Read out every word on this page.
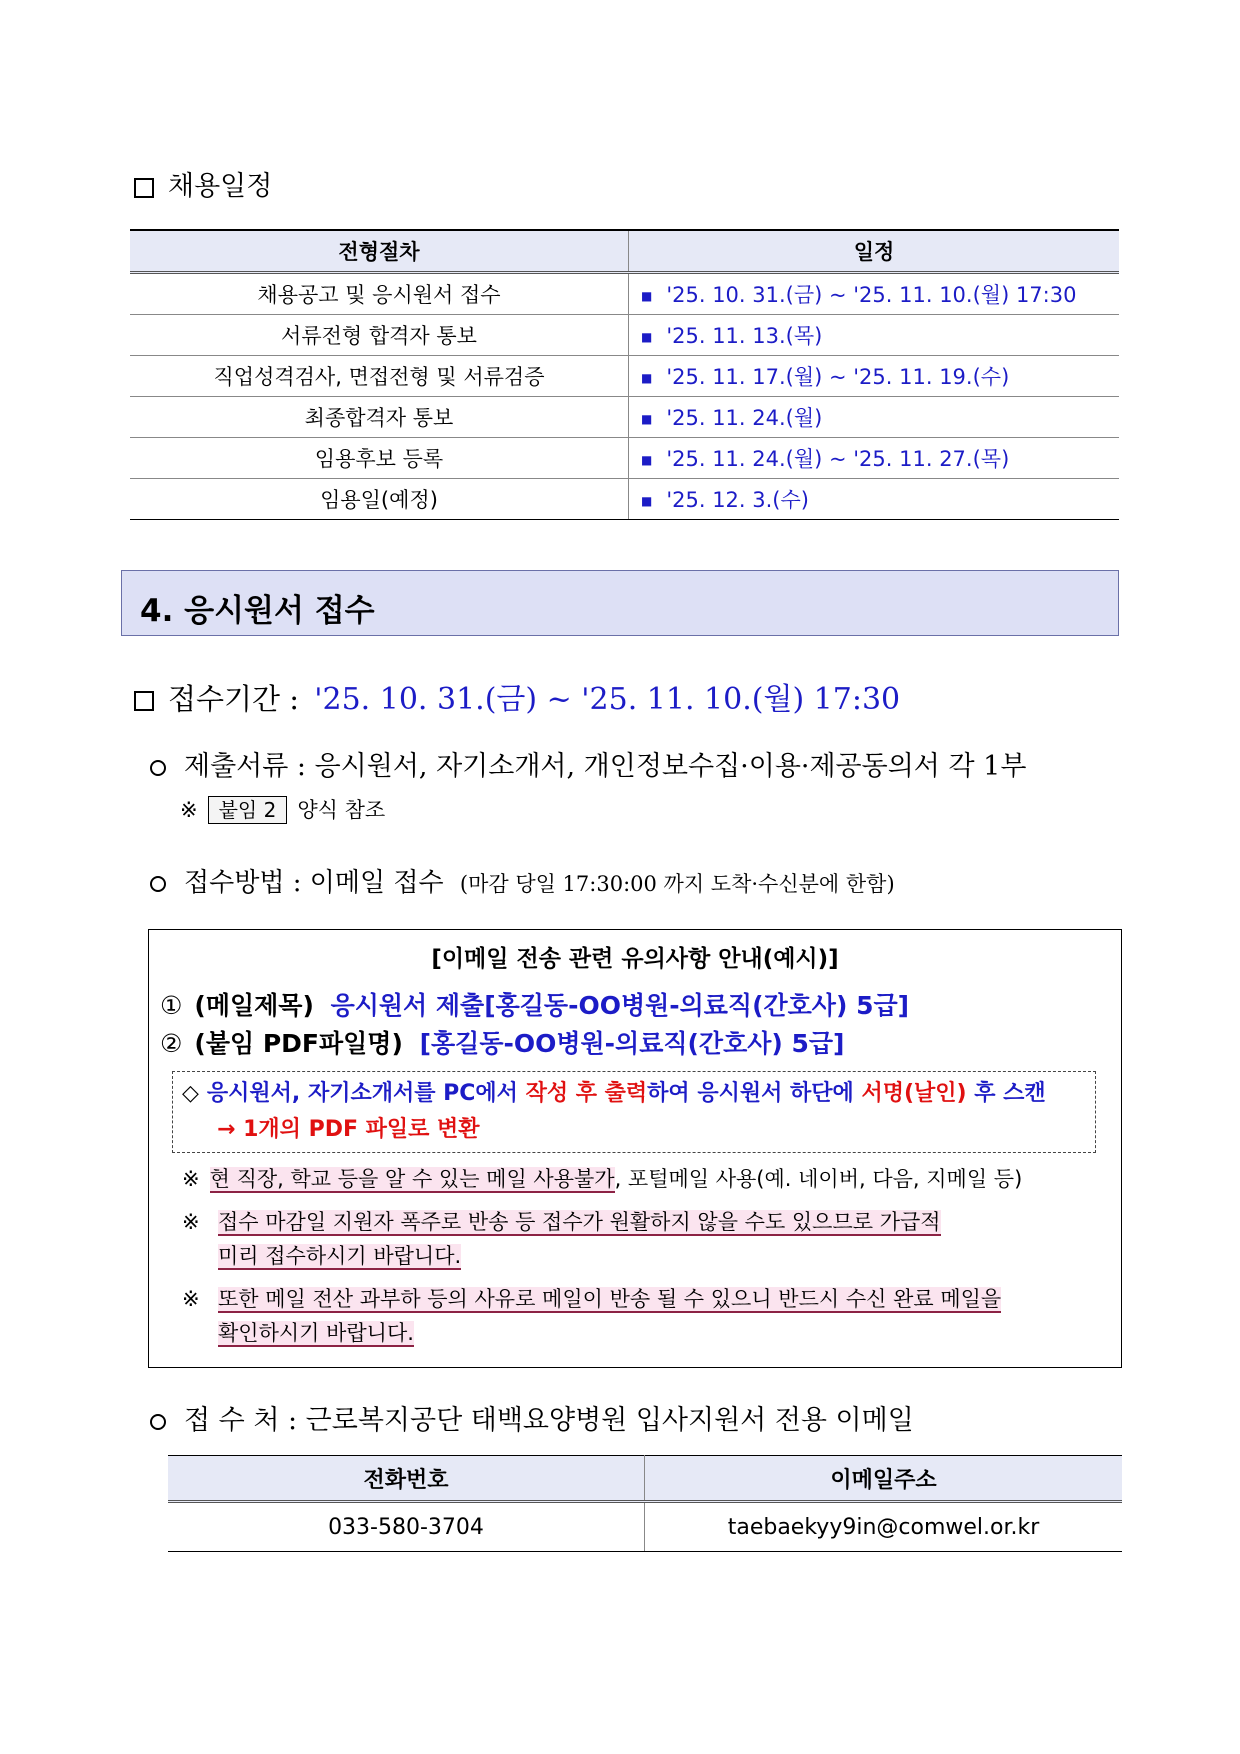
채용일정
전형절차	일정
채용공고 및 응시원서 접수	■ '25. 10. 31.(금) ~ '25. 11. 10.(월) 17:30
서류전형 합격자 통보	■ '25. 11. 13.(목)
직업성격검사, 면접전형 및 서류검증	■ '25. 11. 17.(월) ~ '25. 11. 19.(수)
최종합격자 통보	■ '25. 11. 24.(월)
임용후보 등록	■ '25. 11. 24.(월) ~ '25. 11. 27.(목)
임용일(예정)	■ '25. 12. 3.(수)
4. 응시원서 접수
접수기간 : '25. 10. 31.(금) ~ '25. 11. 10.(월) 17:30
제출서류 : 응시원서, 자기소개서, 개인정보수집·이용·제공동의서 각 1부
※ 붙임 2 양식 참조
접수방법 : 이메일 접수 (마감 당일 17:30:00 까지 도착·수신분에 한함)
[이메일 전송 관련 유의사항 안내(예시)]
① (메일제목) 응시원서 제출[홍길동-OO병원-의료직(간호사) 5급]
② (붙임 PDF파일명) [홍길동-OO병원-의료직(간호사) 5급]
◇ 응시원서, 자기소개서를 PC에서 작성 후 출력하여 응시원서 하단에 서명(날인) 후 스캔
→ 1개의 PDF 파일로 변환
※ 현 직장, 학교 등을 알 수 있는 메일 사용불가, 포털메일 사용(예. 네이버, 다음, 지메일 등)
※ 접수 마감일 지원자 폭주로 반송 등 접수가 원활하지 않을 수도 있으므로 가급적
미리 접수하시기 바랍니다.
※ 또한 메일 전산 과부하 등의 사유로 메일이 반송 될 수 있으니 반드시 수신 완료 메일을
확인하시기 바랍니다.
접 수 처 : 근로복지공단 태백요양병원 입사지원서 전용 이메일
전화번호	이메일주소
033-580-3704	taebaekyy9in@comwel.or.kr
